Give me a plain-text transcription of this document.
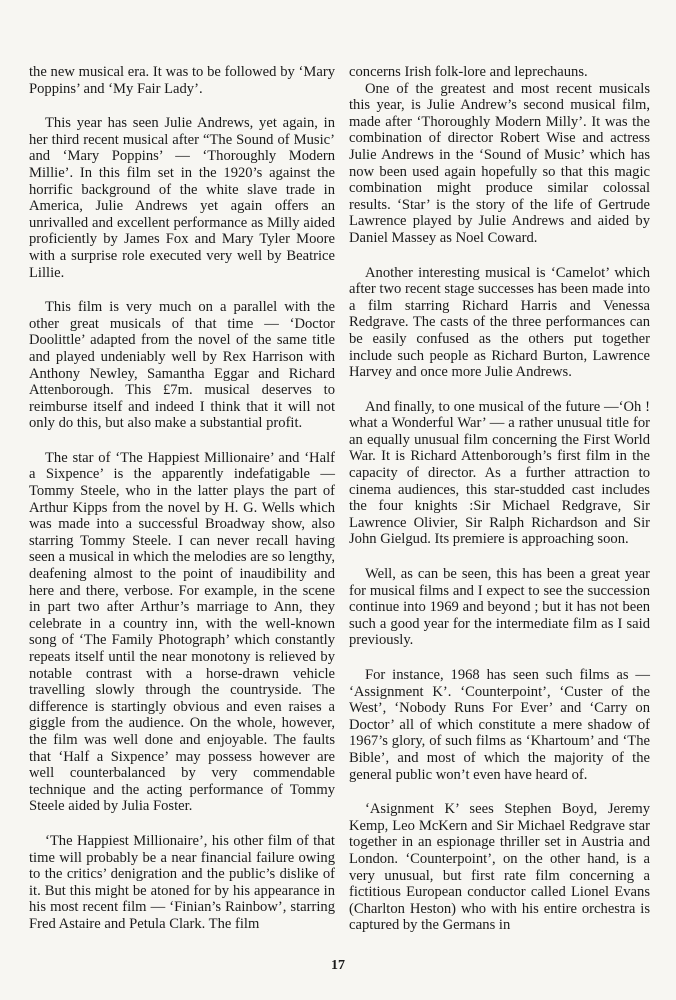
the new musical era. It was to be followed by ‘Mary Poppins’ and ‘My Fair Lady’.

This year has seen Julie Andrews, yet again, in her third recent musical after “The Sound of Music’ and ‘Mary Poppins’ — ‘Thoroughly Modern Millie’. In this film set in the 1920’s against the horrific background of the white slave trade in America, Julie Andrews yet again offers an unrivalled and excellent performance as Milly aided proficiently by James Fox and Mary Tyler Moore with a surprise role executed very well by Beatrice Lillie.

This film is very much on a parallel with the other great musicals of that time — ‘Doctor Doolittle’ adapted from the novel of the same title and played undeniably well by Rex Harrison with Anthony Newley, Samantha Eggar and Richard Attenborough. This £7m. musical deserves to reimburse itself and indeed I think that it will not only do this, but also make a substantial profit.

The star of ‘The Happiest Millionaire’ and ‘Half a Sixpence’ is the apparently indefatigable — Tommy Steele, who in the latter plays the part of Arthur Kipps from the novel by H. G. Wells which was made into a successful Broadway show, also starring Tommy Steele. I can never recall having seen a musical in which the melodies are so lengthy, deafening almost to the point of inaudibility and here and there, verbose. For example, in the scene in part two after Arthur’s marriage to Ann, they celebrate in a country inn, with the well-known song of ‘The Family Photograph’ which constantly repeats itself until the near monotony is relieved by notable contrast with a horse-drawn vehicle travelling slowly through the countryside. The difference is startingly obvious and even raises a giggle from the audience. On the whole, however, the film was well done and enjoyable. The faults that ‘Half a Sixpence’ may possess however are well counterbalanced by very commendable technique and the acting performance of Tommy Steele aided by Julia Foster.

‘The Happiest Millionaire’, his other film of that time will probably be a near financial failure owing to the critics’ denigration and the public’s dislike of it. But this might be atoned for by his appearance in his most recent film — ‘Finian’s Rainbow’, starring Fred Astaire and Petula Clark. The film

concerns Irish folk-lore and leprechauns.

One of the greatest and most recent musicals this year, is Julie Andrew’s second musical film, made after ‘Thoroughly Modern Milly’. It was the combination of director Robert Wise and actress Julie Andrews in the ‘Sound of Music’ which has now been used again hopefully so that this magic combination might produce similar colossal results. ‘Star’ is the story of the life of Gertrude Lawrence played by Julie Andrews and aided by Daniel Massey as Noel Coward.

Another interesting musical is ‘Camelot’ which after two recent stage successes has been made into a film starring Richard Harris and Venessa Redgrave. The casts of the three performances can be easily confused as the others put together include such people as Richard Burton, Lawrence Harvey and once more Julie Andrews.

And finally, to one musical of the future —‘Oh ! what a Wonderful War’ — a rather unusual title for an equally unusual film concerning the First World War. It is Richard Attenborough’s first film in the capacity of director. As a further attraction to cinema audiences, this star-studded cast includes the four knights :Sir Michael Redgrave, Sir Lawrence Olivier, Sir Ralph Richardson and Sir John Gielgud. Its premiere is approaching soon.

Well, as can be seen, this has been a great year for musical films and I expect to see the succession continue into 1969 and beyond ; but it has not been such a good year for the intermediate film as I said previously.

For instance, 1968 has seen such films as — ‘Assignment K’. ‘Counterpoint’, ‘Custer of the West’, ‘Nobody Runs For Ever’ and ‘Carry on Doctor’ all of which constitute a mere shadow of 1967’s glory, of such films as ‘Khartoum’ and ‘The Bible’, and most of which the majority of the general public won’t even have heard of.

‘Asignment K’ sees Stephen Boyd, Jeremy Kemp, Leo McKern and Sir Michael Redgrave star together in an espionage thriller set in Austria and London. ‘Counterpoint’, on the other hand, is a very unusual, but first rate film concerning a fictitious European conductor called Lionel Evans (Charlton Heston) who with his entire orchestra is captured by the Germans in

17
